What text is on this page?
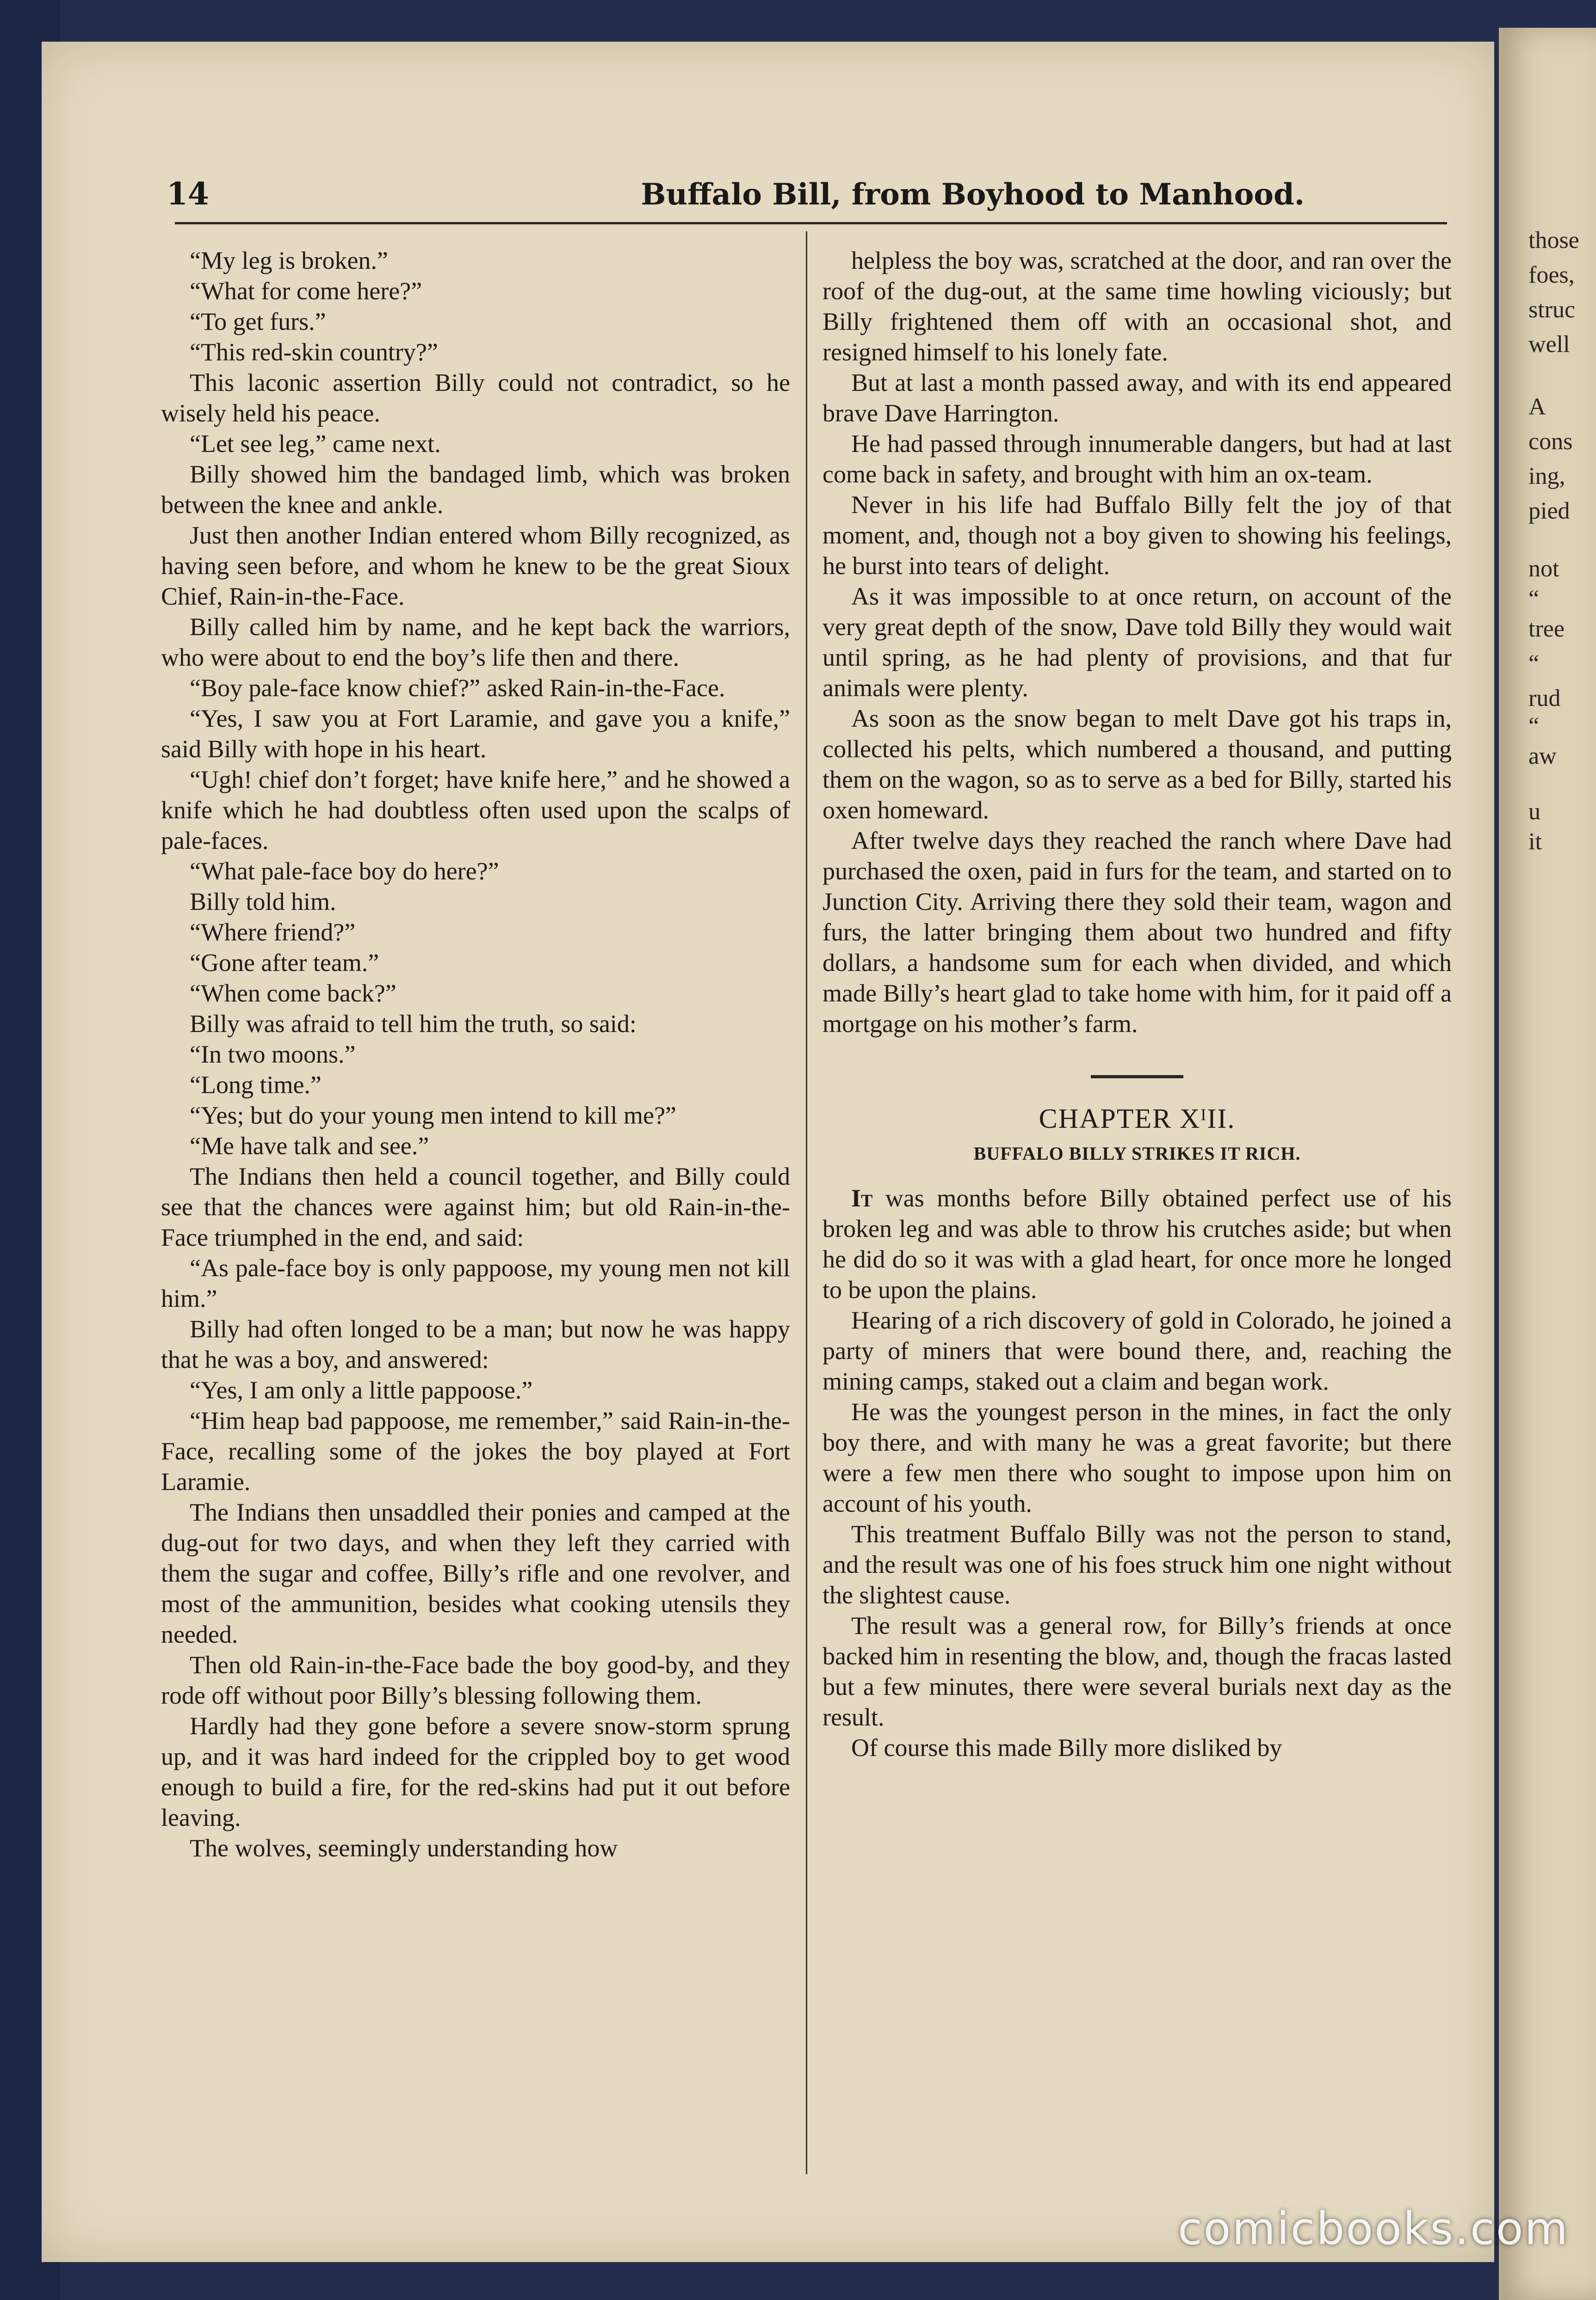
those
foes,
struc
well
A
cons
ing,
pied
not
“
tree
“
rud
“
aw
u
it
14	Buffalo Bill, from Boyhood to Manhood.

“My leg is broken.”

“What for come here?”

“To get furs.”

“This red-skin country?”

This laconic assertion Billy could not contradict, so he wisely held his peace.

“Let see leg,” came next.

Billy showed him the bandaged limb, which was broken between the knee and ankle.

Just then another Indian entered whom Billy recognized, as having seen before, and whom he knew to be the great Sioux Chief, Rain-in-the-Face.

Billy called him by name, and he kept back the warriors, who were about to end the boy’s life then and there.

“Boy pale-face know chief?” asked Rain-in-the-Face.

“Yes, I saw you at Fort Laramie, and gave you a knife,” said Billy with hope in his heart.

“Ugh! chief don’t forget; have knife here,” and he showed a knife which he had doubtless often used upon the scalps of pale-faces.

“What pale-face boy do here?”

Billy told him.

“Where friend?”

“Gone after team.”

“When come back?”

Billy was afraid to tell him the truth, so said:

“In two moons.”

“Long time.”

“Yes; but do your young men intend to kill me?”

“Me have talk and see.”

The Indians then held a council together, and Billy could see that the chances were against him; but old Rain-in-the-Face triumphed in the end, and said:

“As pale-face boy is only pappoose, my young men not kill him.”

Billy had often longed to be a man; but now he was happy that he was a boy, and answered:

“Yes, I am only a little pappoose.”

“Him heap bad pappoose, me remember,” said Rain-in-the-Face, recalling some of the jokes the boy played at Fort Laramie.

The Indians then unsaddled their ponies and camped at the dug-out for two days, and when they left they carried with them the sugar and coffee, Billy’s rifle and one revolver, and most of the ammunition, besides what cooking utensils they needed.

Then old Rain-in-the-Face bade the boy good-by, and they rode off without poor Billy’s blessing following them.

Hardly had they gone before a severe snow-storm sprung up, and it was hard indeed for the crippled boy to get wood enough to build a fire, for the red-skins had put it out before leaving.

The wolves, seemingly understanding how

helpless the boy was, scratched at the door, and ran over the roof of the dug-out, at the same time howling viciously; but Billy frightened them off with an occasional shot, and resigned himself to his lonely fate.

But at last a month passed away, and with its end appeared brave Dave Harrington.

He had passed through innumerable dangers, but had at last come back in safety, and brought with him an ox-team.

Never in his life had Buffalo Billy felt the joy of that moment, and, though not a boy given to showing his feelings, he burst into tears of delight.

As it was impossible to at once return, on account of the very great depth of the snow, Dave told Billy they would wait until spring, as he had plenty of provisions, and that fur animals were plenty.

As soon as the snow began to melt Dave got his traps in, collected his pelts, which numbered a thousand, and putting them on the wagon, so as to serve as a bed for Billy, started his oxen homeward.

After twelve days they reached the ranch where Dave had purchased the oxen, paid in furs for the team, and started on to Junction City. Arriving there they sold their team, wagon and furs, the latter bringing them about two hundred and fifty dollars, a handsome sum for each when divided, and which made Billy’s heart glad to take home with him, for it paid off a mortgage on his mother’s farm.

CHAPTER XᴵII.

BUFFALO BILLY STRIKES IT RICH.

It was months before Billy obtained perfect use of his broken leg and was able to throw his crutches aside; but when he did do so it was with a glad heart, for once more he longed to be upon the plains.

Hearing of a rich discovery of gold in Colorado, he joined a party of miners that were bound there, and, reaching the mining camps, staked out a claim and began work.

He was the youngest person in the mines, in fact the only boy there, and with many he was a great favorite; but there were a few men there who sought to impose upon him on account of his youth.

This treatment Buffalo Billy was not the person to stand, and the result was one of his foes struck him one night without the slightest cause.

The result was a general row, for Billy’s friends at once backed him in resenting the blow, and, though the fracas lasted but a few minutes, there were several burials next day as the result.

Of course this made Billy more disliked by

comicbooks.com
